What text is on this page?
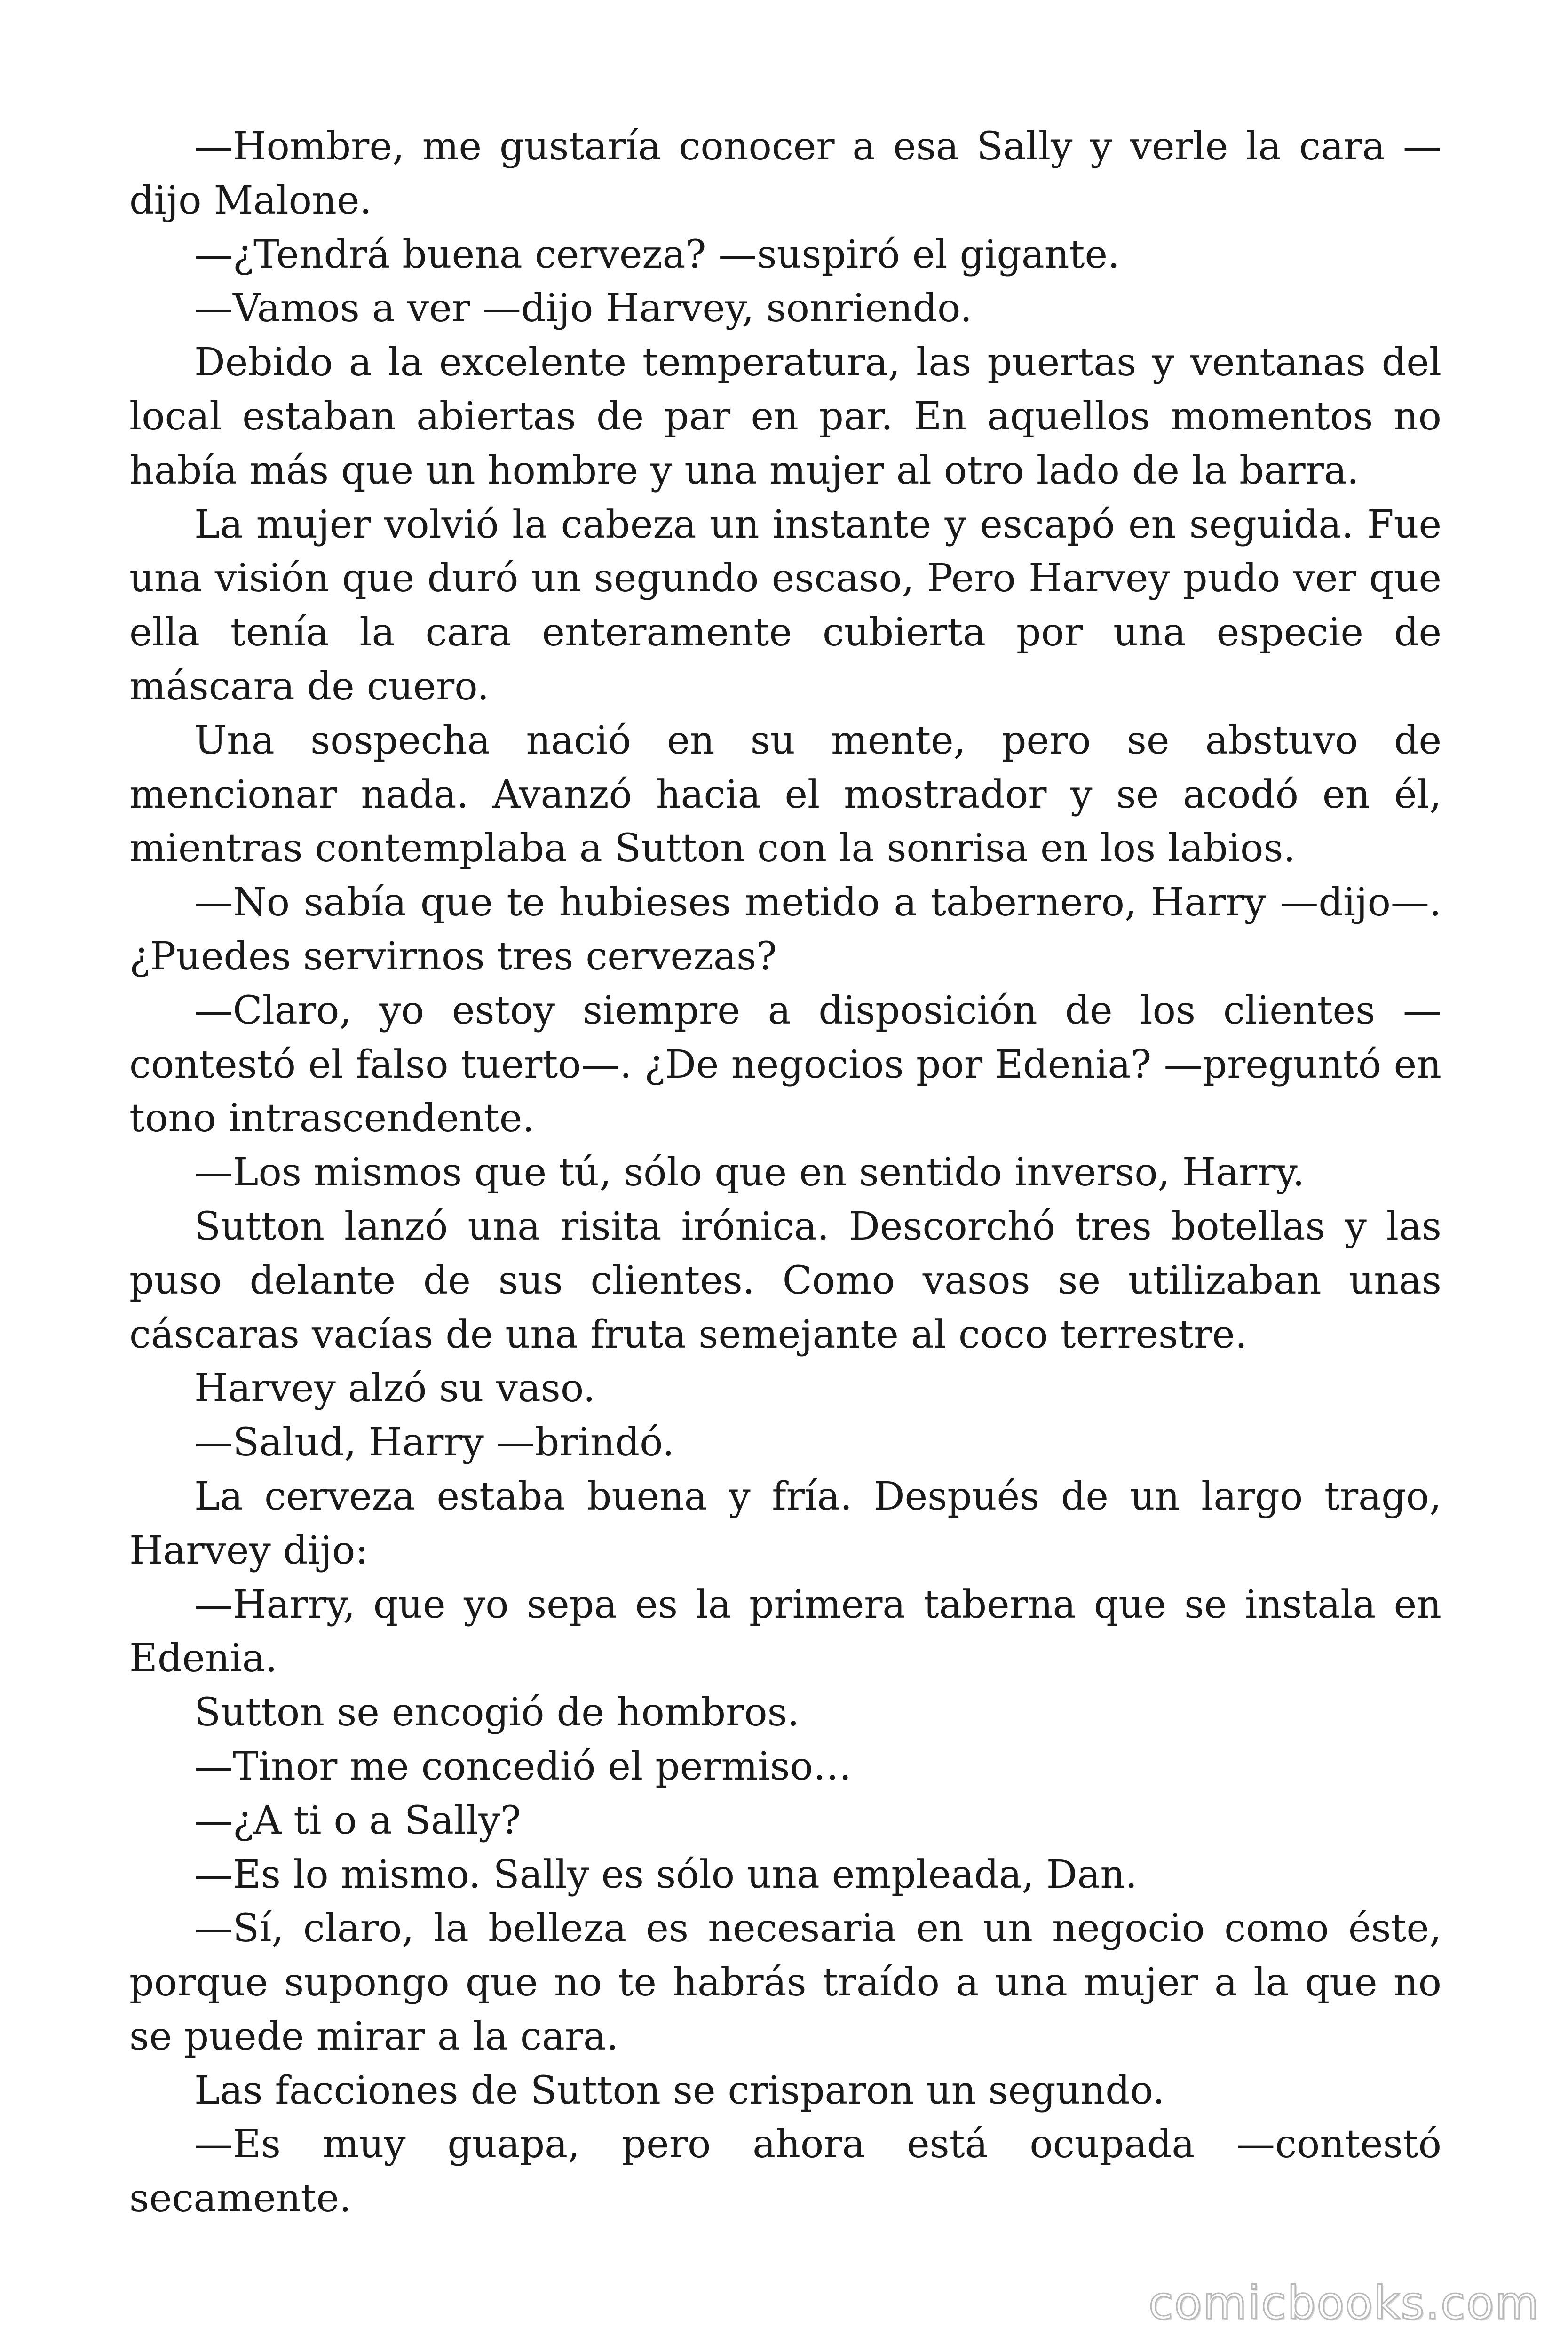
—Hombre, me gustaría conocer a esa Sally y verle la cara —dijo Malone.

—¿Tendrá buena cerveza? —suspiró el gigante.

—Vamos a ver —dijo Harvey, sonriendo.

Debido a la excelente temperatura, las puertas y ventanas del local estaban abiertas de par en par. En aquellos momentos no había más que un hombre y una mujer al otro lado de la barra.

La mujer volvió la cabeza un instante y escapó en seguida. Fue una visión que duró un segundo escaso, Pero Harvey pudo ver que ella tenía la cara enteramente cubierta por una especie de máscara de cuero.

Una sospecha nació en su mente, pero se abstuvo de mencionar nada. Avanzó hacia el mostrador y se acodó en él, mientras contemplaba a Sutton con la sonrisa en los labios.

—No sabía que te hubieses metido a tabernero, Harry —dijo—. ¿Puedes servirnos tres cervezas?

—Claro, yo estoy siempre a disposición de los clientes —contestó el falso tuerto—. ¿De negocios por Edenia? —preguntó en tono intrascendente.

—Los mismos que tú, sólo que en sentido inverso, Harry.

Sutton lanzó una risita irónica. Descorchó tres botellas y las puso delante de sus clientes. Como vasos se utilizaban unas cáscaras vacías de una fruta semejante al coco terrestre.

Harvey alzó su vaso.

—Salud, Harry —brindó.

La cerveza estaba buena y fría. Después de un largo trago, Harvey dijo:

—Harry, que yo sepa es la primera taberna que se instala en Edenia.

Sutton se encogió de hombros.

—Tinor me concedió el permiso…

—¿A ti o a Sally?

—Es lo mismo. Sally es sólo una empleada, Dan.

—Sí, claro, la belleza es necesaria en un negocio como éste, porque supongo que no te habrás traído a una mujer a la que no se puede mirar a la cara.

Las facciones de Sutton se crisparon un segundo.

—Es muy guapa, pero ahora está ocupada —contestó secamente.

comicbooks.com
